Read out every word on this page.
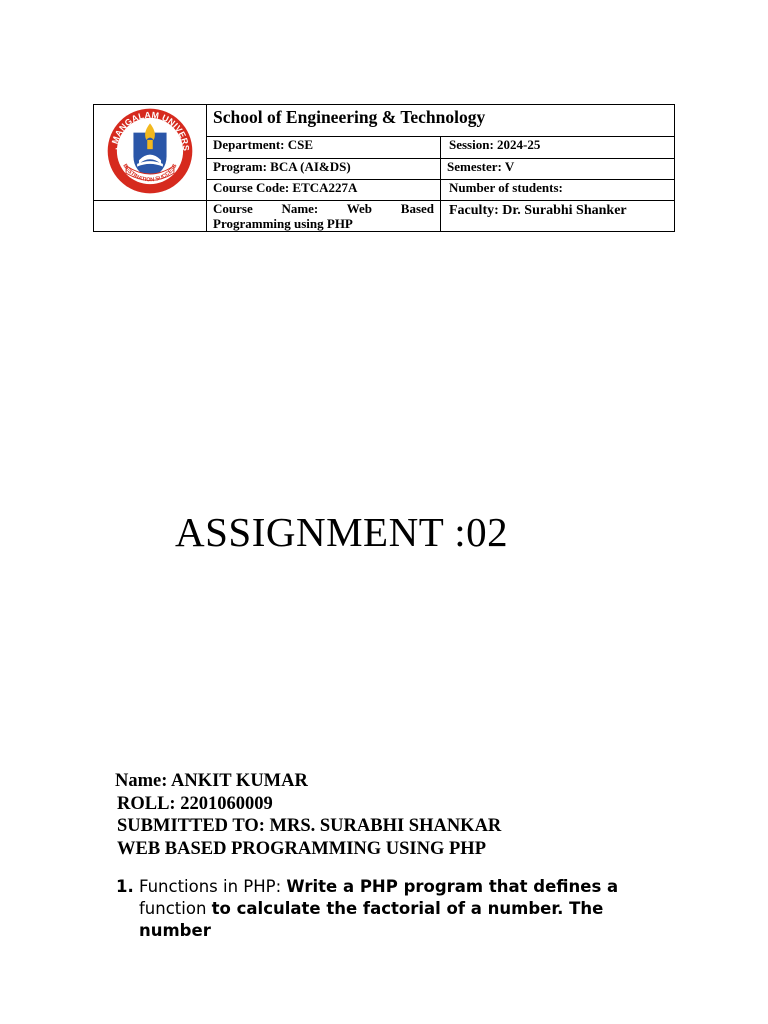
. MANGALAM UNIVERS
DESTINATION SUCCESS	School of Engineering & Technology	
	Department: CSE	Session: 2024-25
	Program: BCA (AI&DS)	Semester: V
	Course Code: ETCA227A	Number of students:

	Course Name: Web Based
Programming using PHP	Faculty: Dr. Surabhi Shanker
ASSIGNMENT :02
Name: ANKIT KUMAR
ROLL: 2201060009
SUBMITTED TO: MRS. SURABHI SHANKAR
WEB BASED PROGRAMMING USING PHP
1. Functions in PHP: Write a PHP program that defines a
function to calculate the factorial of a number. The number
